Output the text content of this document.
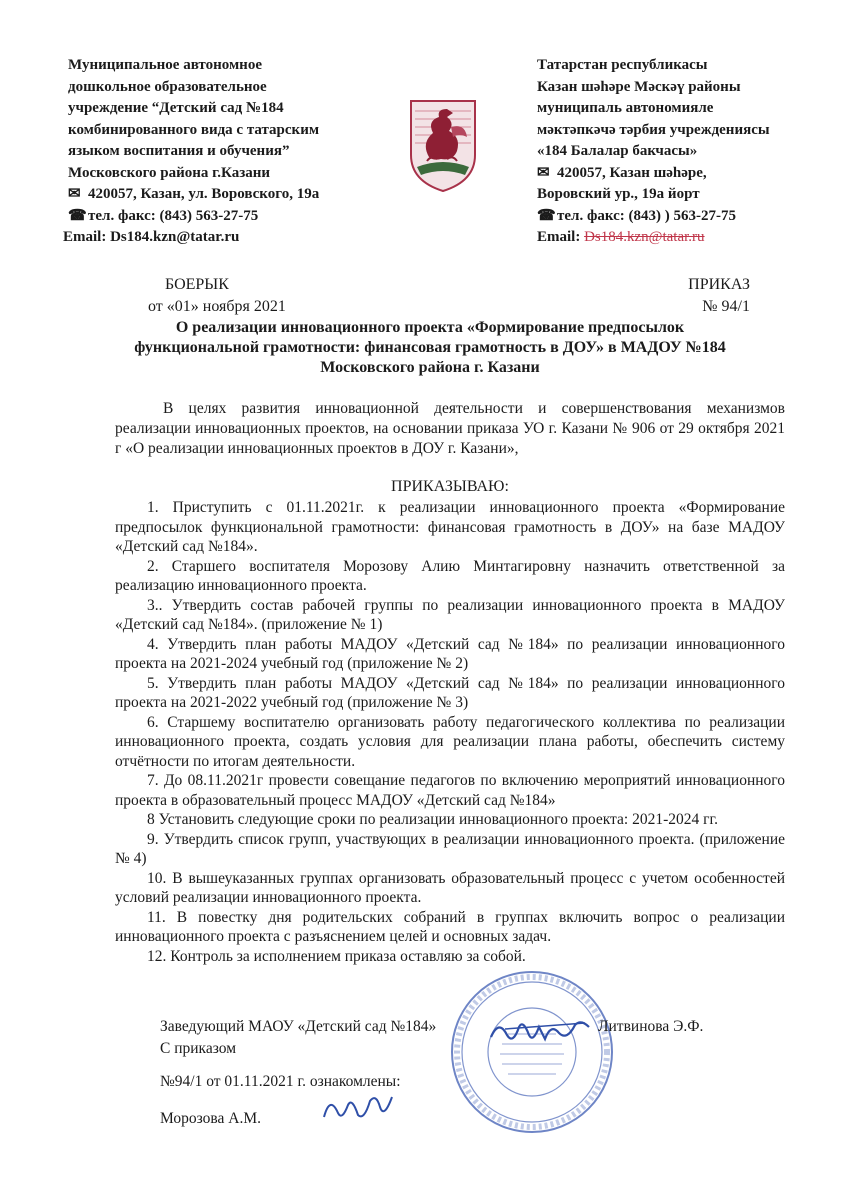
Муниципальное автономное
дошкольное образовательное
учреждение “Детский сад №184
комбинированного вида с татарским
языком воспитания и обучения”
Московского района г.Казани
✉ 420057, Казан, ул. Воровского, 19а
☎тел. факс: (843) 563-27-75
Email: Ds184.kzn@tatar.ru
Татарстан республикасы
Казан шәһәре Мәскәү районы
муниципаль автономияле
мәктәпкәчә тәрбия учреждениясы
«184 Балалар бакчасы»
✉ 420057, Казан шәһәре,
Воровский ур., 19а йорт
☎тел. факс: (843) ) 563-27-75
Email: Ds184.kzn@tatar.ru
БОЕРЫК	ПРИКАЗ
от «01» ноября 2021	№ 94/1
О реализации инновационного проекта «Формирование предпосылок функциональной грамотности: финансовая грамотность в ДОУ» в МАДОУ №184 Московского района г. Казани

В целях развития инновационной деятельности и совершенствования механизмов реализации инновационных проектов, на основании приказа УО г. Казани № 906 от 29 октября 2021 г «О реализации инновационных проектов в ДОУ г. Казани»,

ПРИКАЗЫВАЮ:

1. Приступить с 01.11.2021г. к реализации инновационного проекта «Формирование предпосылок функциональной грамотности: финансовая грамотность в ДОУ» на базе МАДОУ «Детский сад №184».

2. Старшего воспитателя Морозову Алию Минтагировну назначить ответственной за реализацию инновационного проекта.

3.. Утвердить состав рабочей группы по реализации инновационного проекта в МАДОУ «Детский сад №184». (приложение № 1)

4. Утвердить план работы МАДОУ «Детский сад №184» по реализации инновационного проекта на 2021-2024 учебный год (приложение № 2)

5. Утвердить план работы МАДОУ «Детский сад №184» по реализации инновационного проекта на 2021-2022 учебный год (приложение № 3)

6. Старшему воспитателю организовать работу педагогического коллектива по реализации инновационного проекта, создать условия для реализации плана работы, обеспечить систему отчётности по итогам деятельности.

7. До 08.11.2021г провести совещание педагогов по включению мероприятий инновационного проекта в образовательный процесс МАДОУ «Детский сад №184»

8 Установить следующие сроки по реализации инновационного проекта: 2021-2024 гг.

9. Утвердить список групп, участвующих в реализации инновационного проекта. (приложение № 4)

10. В вышеуказанных группах организовать образовательный процесс с учетом особенностей условий реализации инновационного проекта.

11. В повестку дня родительских собраний в группах включить вопрос о реализации инновационного проекта с разъяснением целей и основных задач.

12. Контроль за исполнением приказа оставляю за собой.

Заведующий МАОУ «Детский сад №184»	Литвинова Э.Ф.
С приказом
№94/1 от 01.11.2021 г. ознакомлены:
Морозова А.М.
